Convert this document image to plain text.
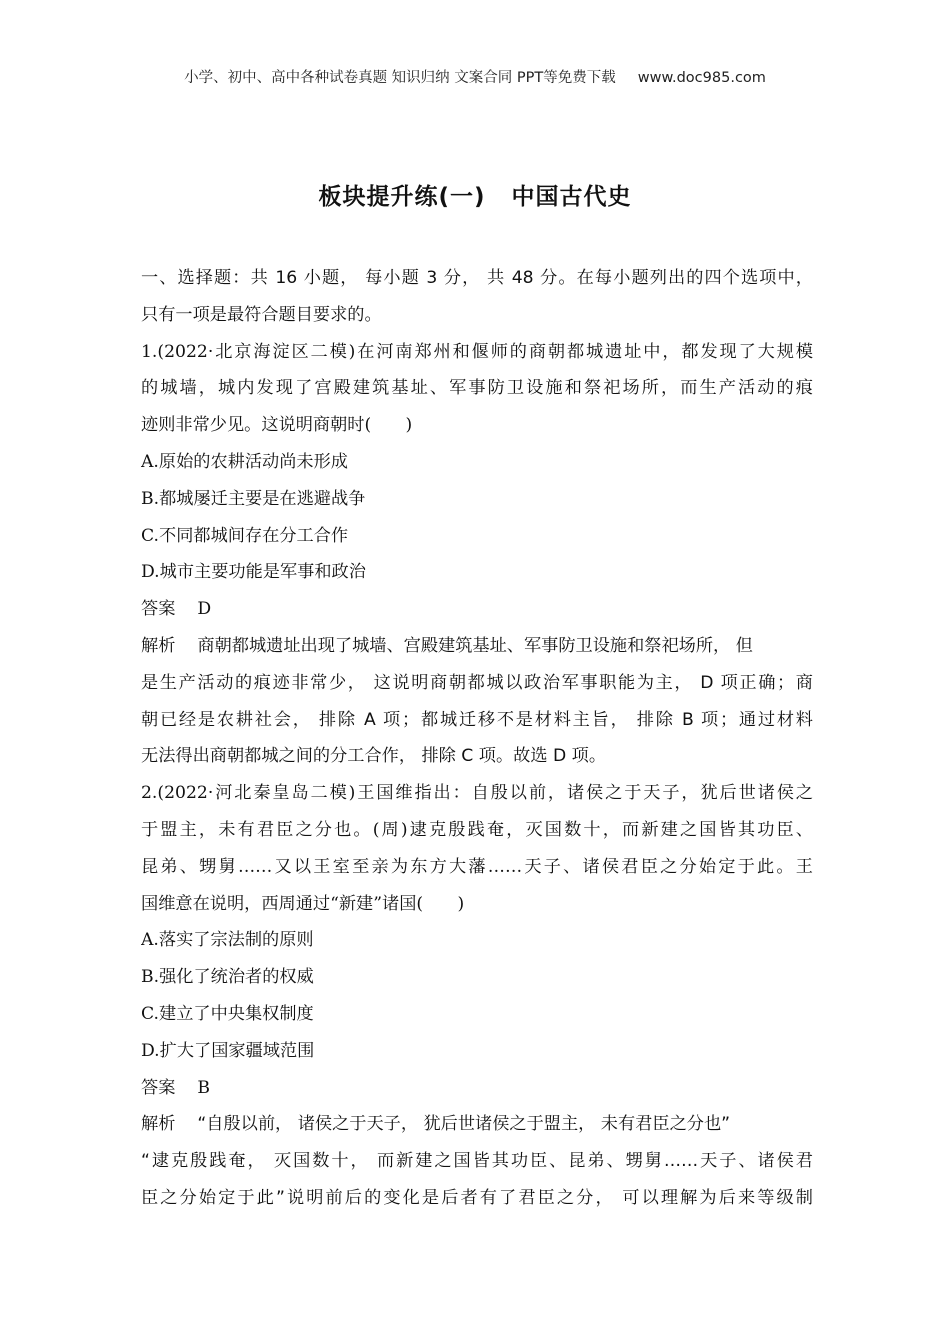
小学、初中、高中各种试卷真题 知识归纳 文案合同 PPT等免费下载 www.doc985.com
板块提升练(一) 中国古代史
一、选择题：共 16 小题， 每小题 3 分， 共 48 分。在每小题列出的四个选项中，
只有一项是最符合题目要求的。
1.(2022·北京海淀区二模)在河南郑州和偃师的商朝都城遗址中，都发现了大规模
的城墙，城内发现了宫殿建筑基址、军事防卫设施和祭祀场所，而生产活动的痕
迹则非常少见。这说明商朝时(　　)
A.原始的农耕活动尚未形成
B.都城屡迁主要是在逃避战争
C.不同都城间存在分工合作
D.城市主要功能是军事和政治
答案 D
解析 商朝都城遗址出现了城墙、宫殿建筑基址、军事防卫设施和祭祀场所， 但
是生产活动的痕迹非常少， 这说明商朝都城以政治军事职能为主， D 项正确；商
朝已经是农耕社会， 排除 A 项；都城迁移不是材料主旨， 排除 B 项；通过材料
无法得出商朝都城之间的分工合作， 排除 C 项。故选 D 项。
2.(2022·河北秦皇岛二模)王国维指出：自殷以前，诸侯之于天子，犹后世诸侯之
于盟主，未有君臣之分也。(周)逮克殷践奄，灭国数十，而新建之国皆其功臣、
昆弟、甥舅……又以王室至亲为东方大藩……天子、诸侯君臣之分始定于此。王
国维意在说明，西周通过“新建”诸国(　　)
A.落实了宗法制的原则
B.强化了统治者的权威
C.建立了中央集权制度
D.扩大了国家疆域范围
答案 B
解析 “自殷以前， 诸侯之于天子， 犹后世诸侯之于盟主， 未有君臣之分也”
“逮克殷践奄， 灭国数十， 而新建之国皆其功臣、昆弟、甥舅……天子、诸侯君
臣之分始定于此”说明前后的变化是后者有了君臣之分， 可以理解为后来等级制
